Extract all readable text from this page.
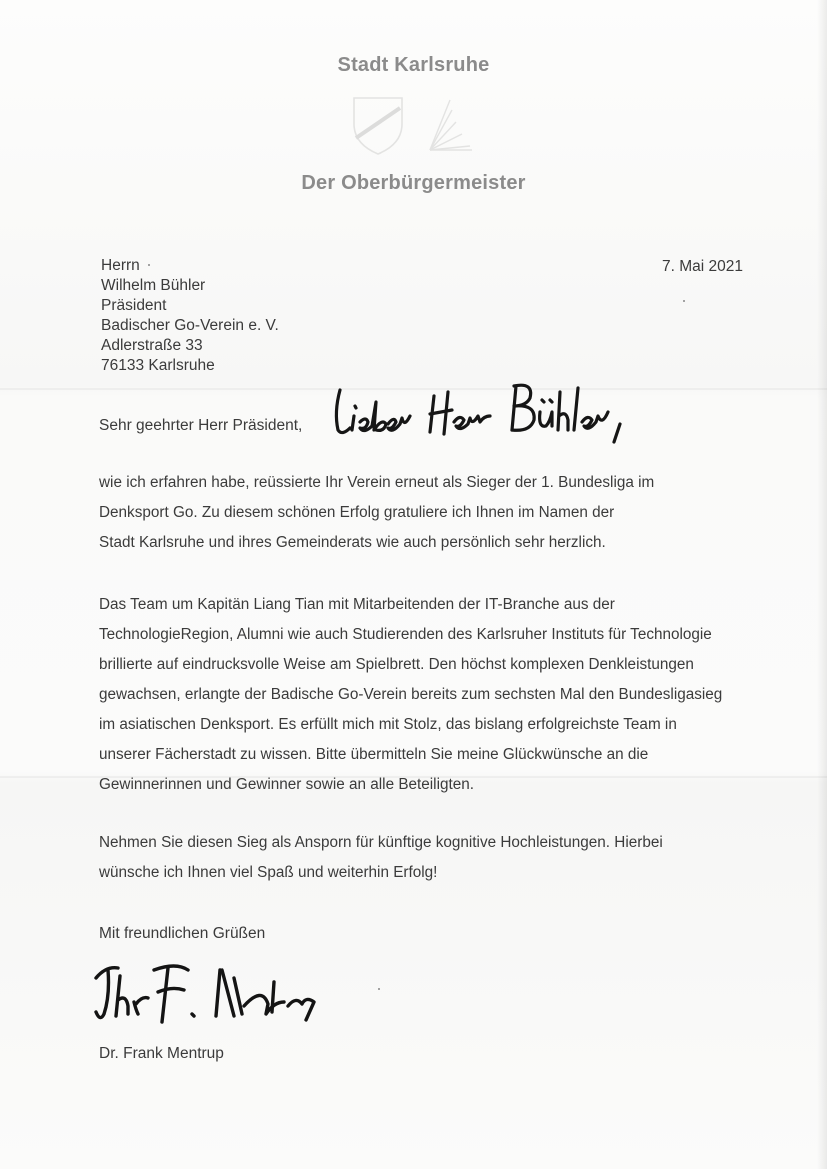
Stadt Karlsruhe
Der Oberbürgermeister
7. Mai 2021
Herrn
Wilhelm Bühler
Präsident
Badischer Go-Verein e. V.
Adlerstraße 33
76133 Karlsruhe
Sehr geehrter Herr Präsident,
wie ich erfahren habe, reüssierte Ihr Verein erneut als Sieger der 1. Bundesliga im
Denksport Go. Zu diesem schönen Erfolg gratuliere ich Ihnen im Namen der
Stadt Karlsruhe und ihres Gemeinderats wie auch persönlich sehr herzlich.
Das Team um Kapitän Liang Tian mit Mitarbeitenden der IT-Branche aus der
TechnologieRegion, Alumni wie auch Studierenden des Karlsruher Instituts für Technologie
brillierte auf eindrucksvolle Weise am Spielbrett. Den höchst komplexen Denkleistungen
gewachsen, erlangte der Badische Go-Verein bereits zum sechsten Mal den Bundesligasieg
im asiatischen Denksport. Es erfüllt mich mit Stolz, das bislang erfolgreichste Team in
unserer Fächerstadt zu wissen. Bitte übermitteln Sie meine Glückwünsche an die
Gewinnerinnen und Gewinner sowie an alle Beteiligten.
Nehmen Sie diesen Sieg als Ansporn für künftige kognitive Hochleistungen. Hierbei
wünsche ich Ihnen viel Spaß und weiterhin Erfolg!
Mit freundlichen Grüßen
Dr. Frank Mentrup
